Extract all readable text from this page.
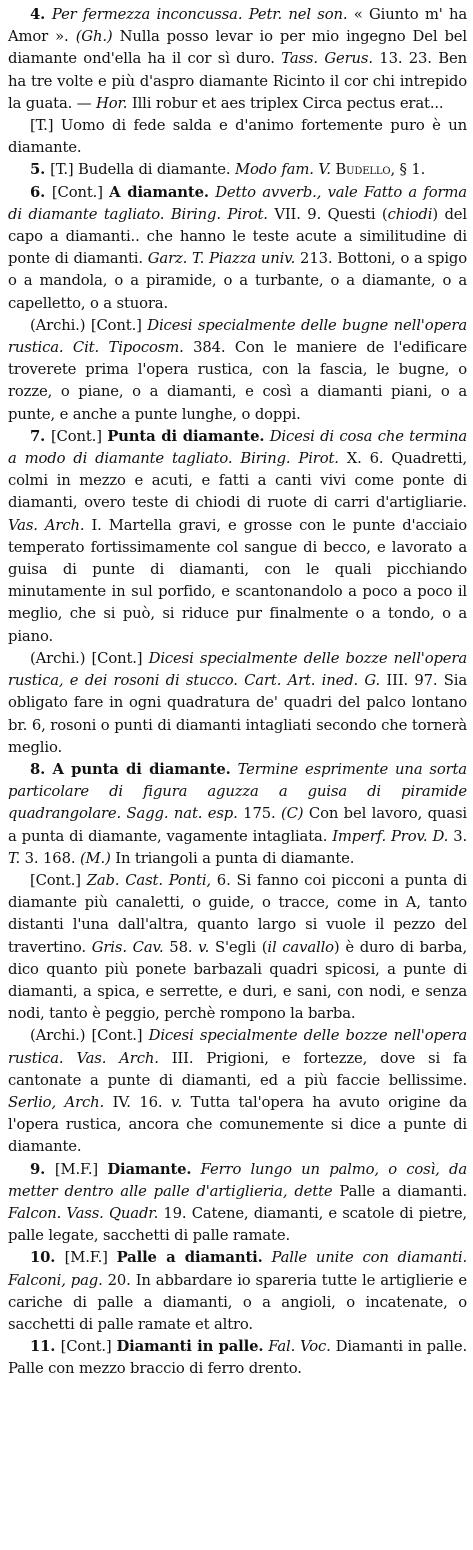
4. Per fermezza inconcussa. Petr. nel son. « Giunto m' ha Amor ». (Gh.) Nulla posso levar io per mio ingegno Del bel diamante ond'ella ha il cor sì duro. Tass. Gerus. 13. 23. Ben ha tre volte e più d'aspro diamante Ricinto il cor chi intrepido la guata. — Hor. Illi robur et aes triplex Circa pectus erat...

[T.] Uomo di fede salda e d'animo fortemente puro è un diamante.

5. [T.] Budella di diamante. Modo fam. V. Budello, § 1.

6. [Cont.] A diamante. Detto avverb., vale Fatto a forma di diamante tagliato. Biring. Pirot. VII. 9. Questi (chiodi) del capo a diamanti.. che hanno le teste acute a similitudine di ponte di diamanti. Garz. T. Piazza univ. 213. Bottoni, o a spigo o a mandola, o a piramide, o a turbante, o a diamante, o a capelletto, o a stuora.

(Archi.) [Cont.] Dicesi specialmente delle bugne nell'opera rustica. Cit. Tipocosm. 384. Con le maniere de l'edificare troverete prima l'opera rustica, con la fascia, le bugne, o rozze, o piane, o a diamanti, e così a diamanti piani, o a punte, e anche a punte lunghe, o doppi.

7. [Cont.] Punta di diamante. Dicesi di cosa che termina a modo di diamante tagliato. Biring. Pirot. X. 6. Quadretti, colmi in mezzo e acuti, e fatti a canti vivi come ponte di diamanti, overo teste di chiodi di ruote di carri d'artigliarie. Vas. Arch. I. Martella gravi, e grosse con le punte d'acciaio temperato fortissimamente col sangue di becco, e lavorato a guisa di punte di diamanti, con le quali picchiando minutamente in sul porfido, e scantonandolo a poco a poco il meglio, che si può, si riduce pur finalmente o a tondo, o a piano.

(Archi.) [Cont.] Dicesi specialmente delle bozze nell'opera rustica, e dei rosoni di stucco. Cart. Art. ined. G. III. 97. Sia obligato fare in ogni quadratura de' quadri del palco lontano br. 6, rosoni o punti di diamanti intagliati secondo che tornerà meglio.

8. A punta di diamante. Termine esprimente una sorta particolare di figura aguzza a guisa di piramide quadrangolare. Sagg. nat. esp. 175. (C) Con bel lavoro, quasi a punta di diamante, vagamente intagliata. Imperf. Prov. D. 3. T. 3. 168. (M.) In triangoli a punta di diamante.

[Cont.] Zab. Cast. Ponti, 6. Si fanno coi picconi a punta di diamante più canaletti, o guide, o tracce, come in A, tanto distanti l'una dall'altra, quanto largo si vuole il pezzo del travertino. Gris. Cav. 58. v. S'egli (il cavallo) è duro di barba, dico quanto più ponete barbazali quadri spicosi, a punte di diamanti, a spica, e serrette, e duri, e sani, con nodi, e senza nodi, tanto è peggio, perchè rompono la barba.

(Archi.) [Cont.] Dicesi specialmente delle bozze nell'opera rustica. Vas. Arch. III. Prigioni, e fortezze, dove si fa cantonate a punte di diamanti, ed a più faccie bellissime. Serlio, Arch. IV. 16. v. Tutta tal'opera ha avuto origine da l'opera rustica, ancora che comunemente si dice a punte di diamante.

9. [M.F.] Diamante. Ferro lungo un palmo, o così, da metter dentro alle palle d'artiglieria, dette Palle a diamanti. Falcon. Vass. Quadr. 19. Catene, diamanti, e scatole di pietre, palle legate, sacchetti di palle ramate.

10. [M.F.] Palle a diamanti. Palle unite con diamanti. Falconi, pag. 20. In abbardare io spareria tutte le artiglierie e cariche di palle a diamanti, o a angioli, o incatenate, o sacchetti di palle ramate et altro.

11. [Cont.] Diamanti in palle. Fal. Voc. Diamanti in palle. Palle con mezzo braccio di ferro drento.
